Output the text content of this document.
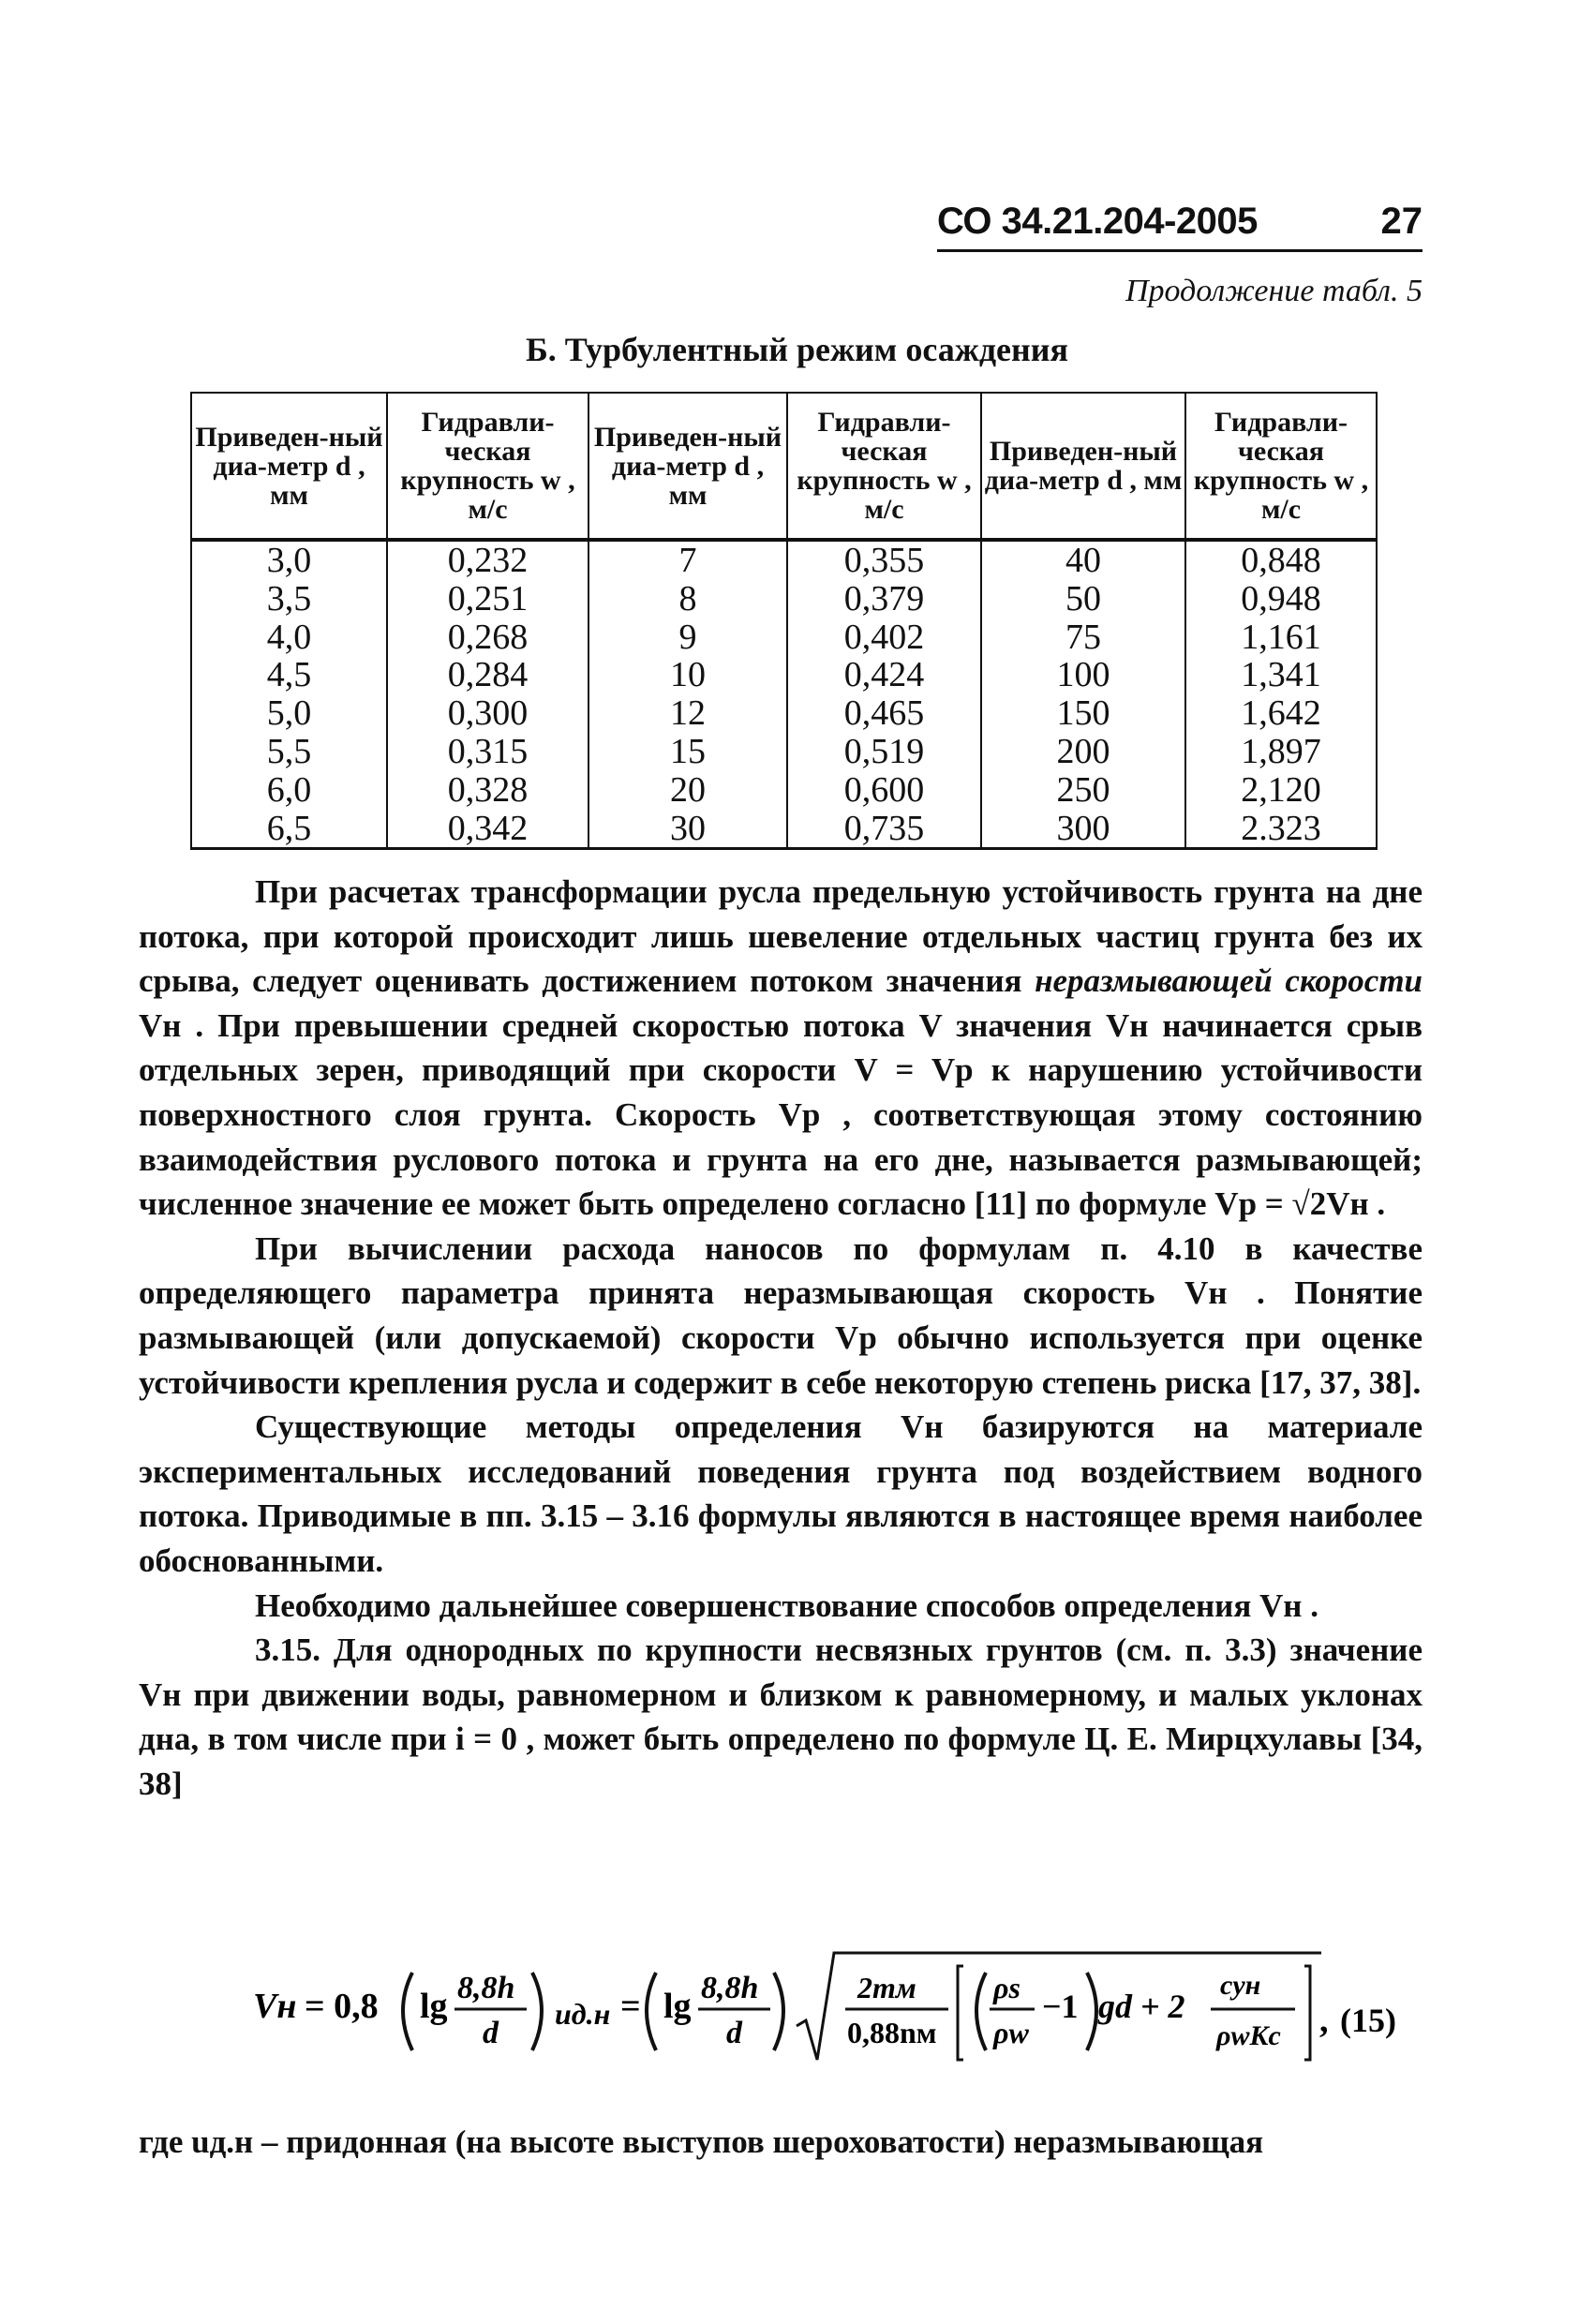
СО 34.21.204-2005	27
Продолжение табл. 5
Б. Турбулентный режим осаждения
Приведен-ный диа-метр d , мм	Гидравли-ческая крупность w , м/с	Приведен-ный диа-метр d , мм	Гидравли-ческая крупность w , м/с	Приведен-ный диа-метр d , мм	Гидравли-ческая крупность w , м/с
3,0	0,232	7	0,355	40	0,848
3,5	0,251	8	0,379	50	0,948
4,0	0,268	9	0,402	75	1,161
4,5	0,284	10	0,424	100	1,341
5,0	0,300	12	0,465	150	1,642
5,5	0,315	15	0,519	200	1,897
6,0	0,328	20	0,600	250	2,120
6,5	0,342	30	0,735	300	2.323

При расчетах трансформации русла предельную устойчивость грунта на дне потока, при которой происходит лишь шевеление отдельных частиц грунта без их срыва, следует оценивать достижением потоком значения неразмывающей скорости Vн . При превышении средней скоростью потока V значения Vн начинается срыв отдельных зерен, приводящий при скорости V = Vр к нарушению устойчивости поверхностного слоя грунта. Скорость Vр , соответствующая этому состоянию взаимодействия руслового потока и грунта на его дне, называется размывающей; численное значение ее может быть определено согласно [11] по формуле Vр = √2Vн .

При вычислении расхода наносов по формулам п. 4.10 в качестве определяющего параметра принята неразмывающая скорость Vн . Понятие размывающей (или допускаемой) скорости Vр обычно используется при оценке устойчивости крепления русла и содержит в себе некоторую степень риска [17, 37, 38].

Существующие методы определения Vн базируются на материале экспериментальных исследований поведения грунта под воздействием водного потока. Приводимые в пп. 3.15 – 3.16 формулы являются в настоящее время наиболее обоснованными.

Необходимо дальнейшее совершенствование способов определения Vн .

3.15. Для однородных по крупности несвязных грунтов (см. п. 3.3) значение Vн при движении воды, равномерном и близком к равномерному, и малых уклонах дна, в том числе при i = 0 , может быть определено по формуле Ц. Е. Мирцхулавы [34, 38]

Vн = 0,8 lg 8,8h
d
uд.н = lg 8,8h
d
2mм
0,88nм
ρs
ρw
−1 gd + 2
cун
ρwKс , (15)
где uд.н – придонная (на высоте выступов шероховатости) неразмывающая
